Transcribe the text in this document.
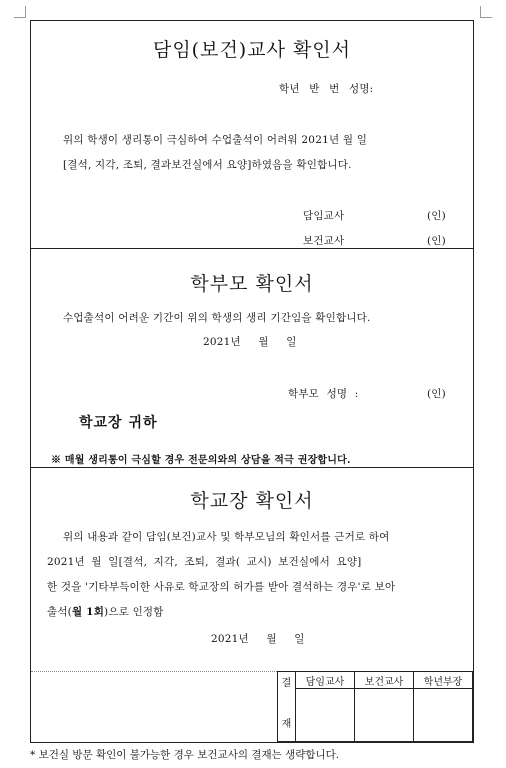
담임(보건)교사 확인서
학년 반 번 성명:
위의 학생이 생리통이 극심하여 수업출석이 어려워 2021년 월 일
[결석, 지각, 조퇴, 결과보건실에서 요양]하였음을 확인합니다.
담임교사	(인)
보건교사	(인)
학부모 확인서
수업출석이 어려운 기간이 위의 학생의 생리 기간임을 확인합니다.
2021년 월 일
학부모 성명 :	(인)
학교장 귀하
※ 매월 생리통이 극심할 경우 전문의와의 상담을 적극 권장합니다.
학교장 확인서
위의 내용과 같이 담임(보건)교사 및 학부모님의 확인서를 근거로 하여
2021년 월 일[결석, 지각, 조퇴, 결과( 교시) 보건실에서 요양]
한 것을 '기타부득이한 사유로 학교장의 허가를 받아 결석하는 경우'로 보아
출석(월 1회)으로 인정함
2021년 월 일
결
재	담임교사	보건교사	학년부장

* 보건실 방문 확인이 불가능한 경우 보건교사의 결재는 생략합니다.
